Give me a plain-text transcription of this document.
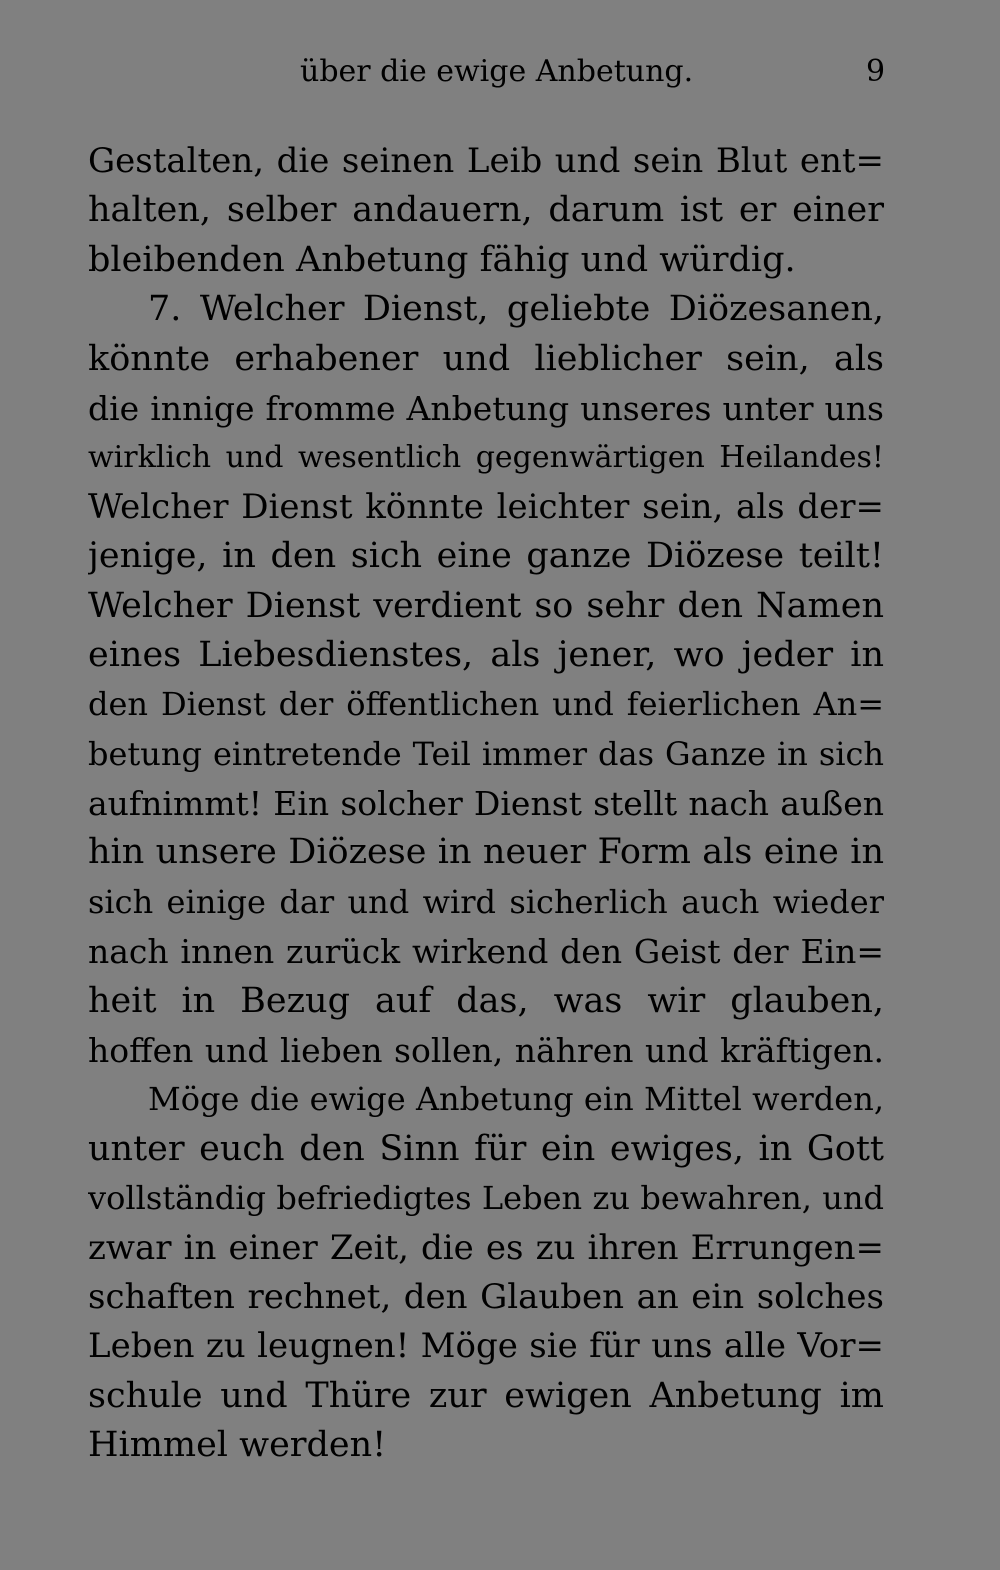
über die ewige Anbetung.	9
Gestalten, die seinen Leib und sein Blut ent=
halten, selber andauern, darum ist er einer
bleibenden Anbetung fähig und würdig.
7. Welcher Dienst, geliebte Diözesanen,
könnte erhabener und lieblicher sein, als
die innige fromme Anbetung unseres unter uns
wirklich und wesentlich gegenwärtigen Heilandes!
Welcher Dienst könnte leichter sein, als der=
jenige, in den sich eine ganze Diözese teilt!
Welcher Dienst verdient so sehr den Namen
eines Liebesdienstes, als jener, wo jeder in
den Dienst der öffentlichen und feierlichen An=
betung eintretende Teil immer das Ganze in sich
aufnimmt! Ein solcher Dienst stellt nach außen
hin unsere Diözese in neuer Form als eine in
sich einige dar und wird sicherlich auch wieder
nach innen zurück wirkend den Geist der Ein=
heit in Bezug auf das, was wir glauben,
hoffen und lieben sollen, nähren und kräftigen.
Möge die ewige Anbetung ein Mittel werden,
unter euch den Sinn für ein ewiges, in Gott
vollständig befriedigtes Leben zu bewahren, und
zwar in einer Zeit, die es zu ihren Errungen=
schaften rechnet, den Glauben an ein solches
Leben zu leugnen! Möge sie für uns alle Vor=
schule und Thüre zur ewigen Anbetung im
Himmel werden!
